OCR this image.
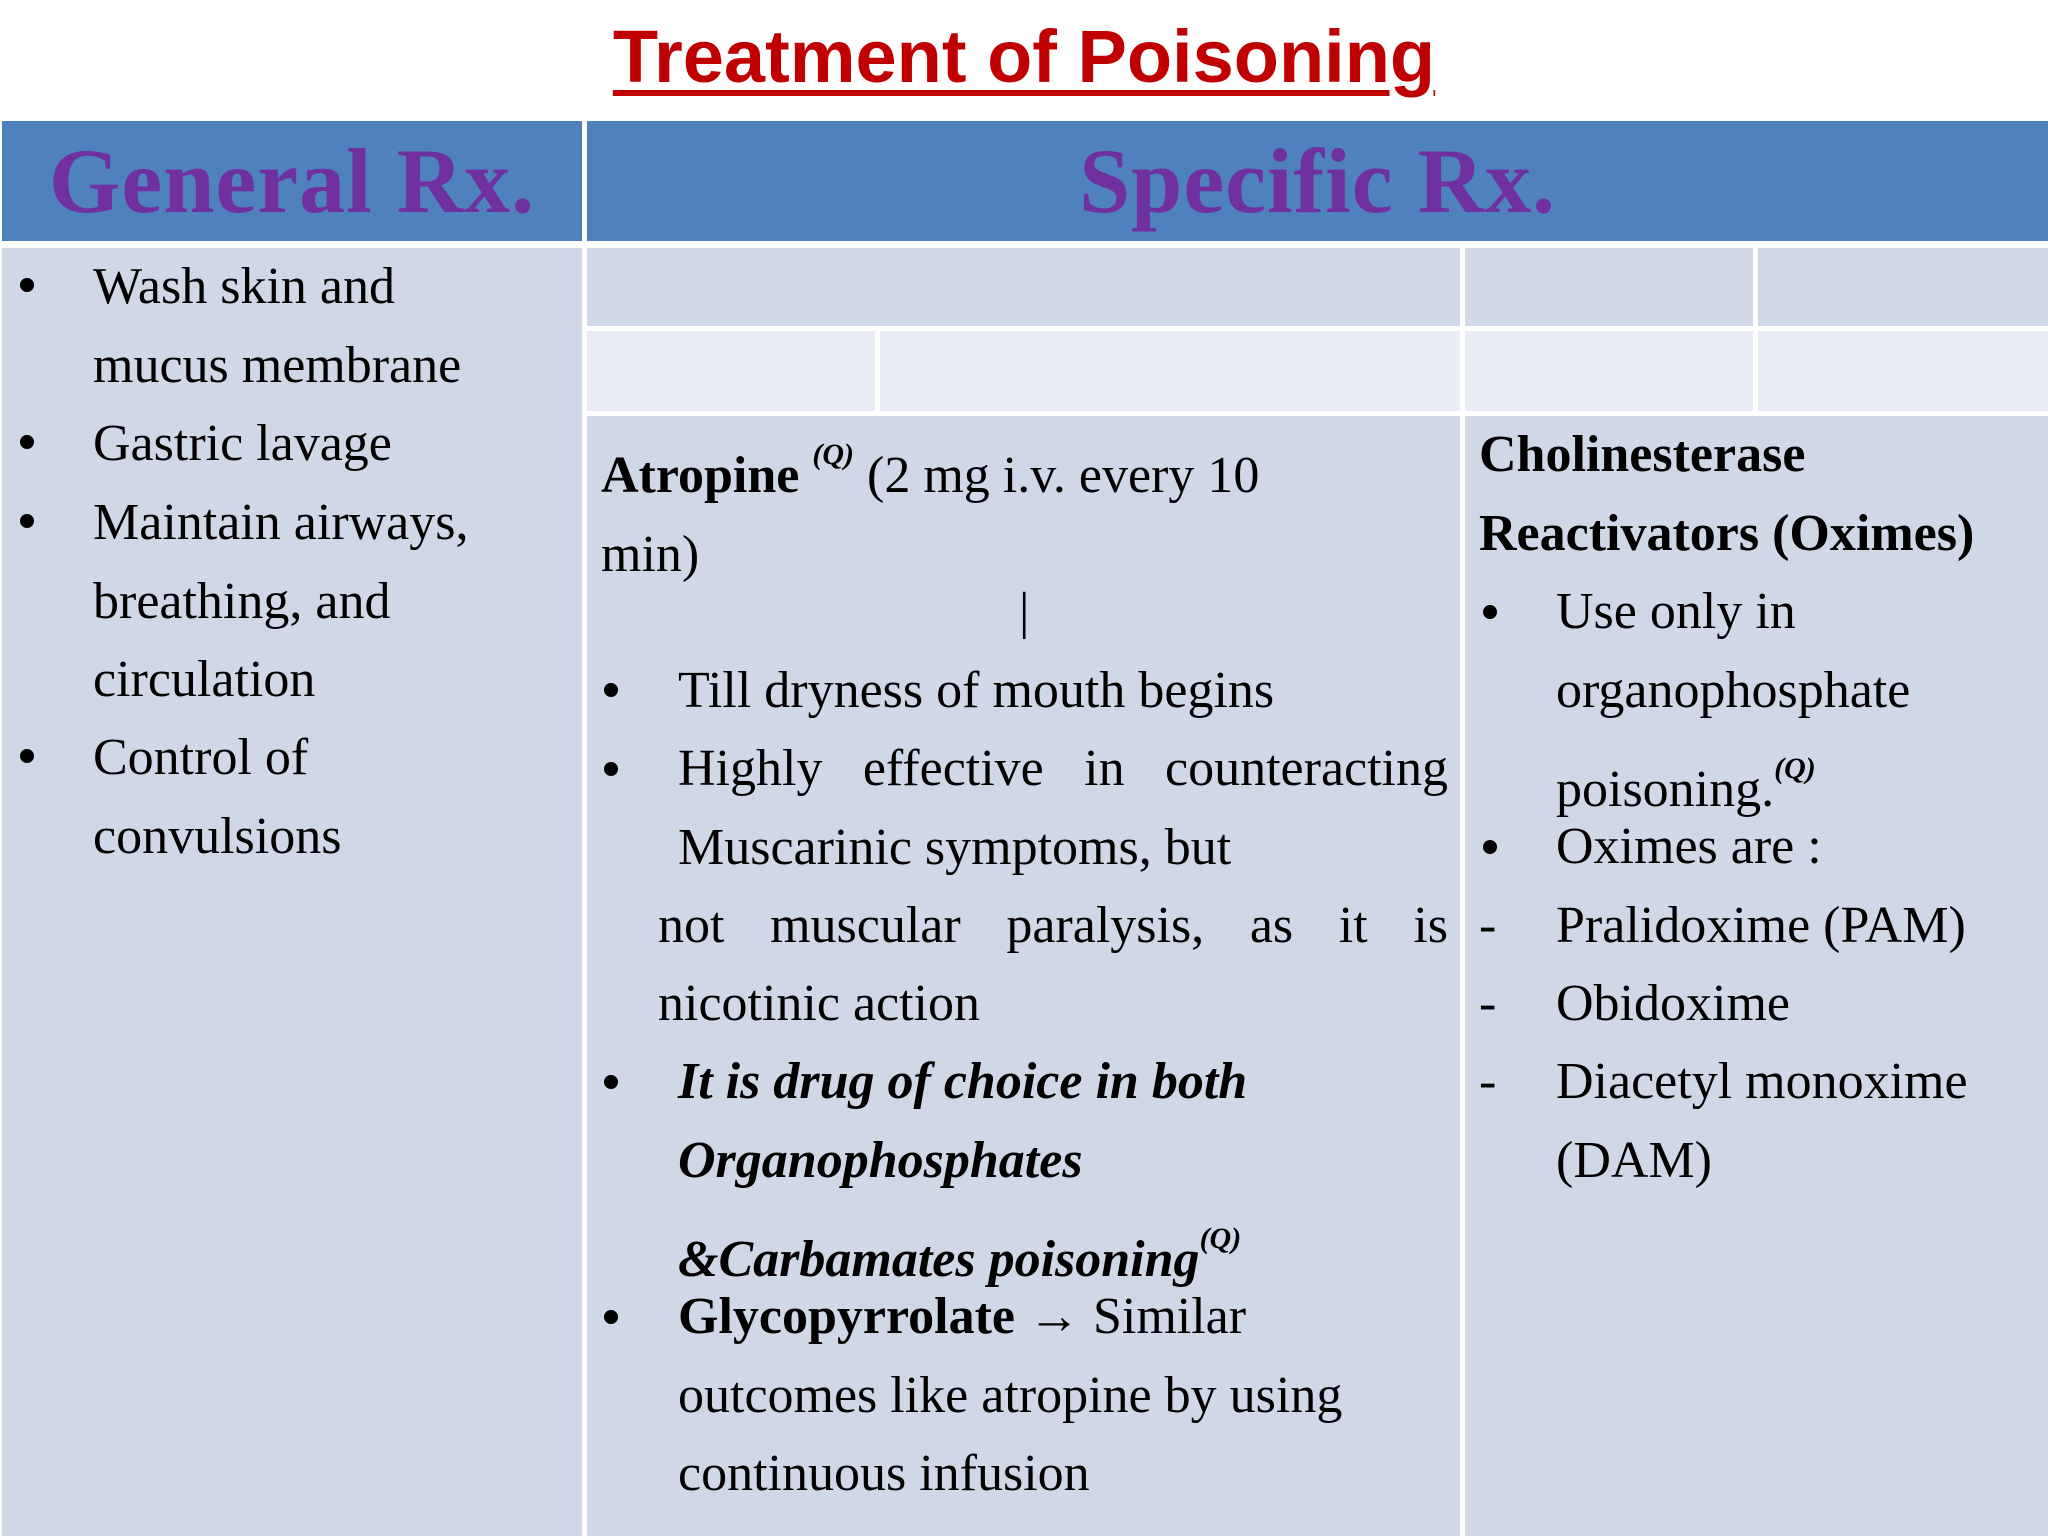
Treatment of Poisoning
General Rx.	Specific Rx.
Wash skin and
mucus membrane
Gastric lavage
Maintain airways,
breathing, and
circulation
Control of
convulsions
Atropine $^{(Q)}$ (2 mg i.v. every 10
min)
|
Till dryness of mouth begins
Highly effective in counteracting
Muscarinic symptoms, but
not muscular paralysis, as it is
nicotinic action
It is drug of choice in both
Organophosphates
&Carbamates poisoning$^{(Q)}$
Glycopyrrolate → Similar
outcomes like atropine by using
continuous infusion
Cholinesterase
Reactivators (Oximes)
Use only in
organophosphate
poisoning.$^{(Q)}$
Oximes are :
- Pralidoxime (PAM)
- Obidoxime
- Diacetyl monoxime
(DAM)
